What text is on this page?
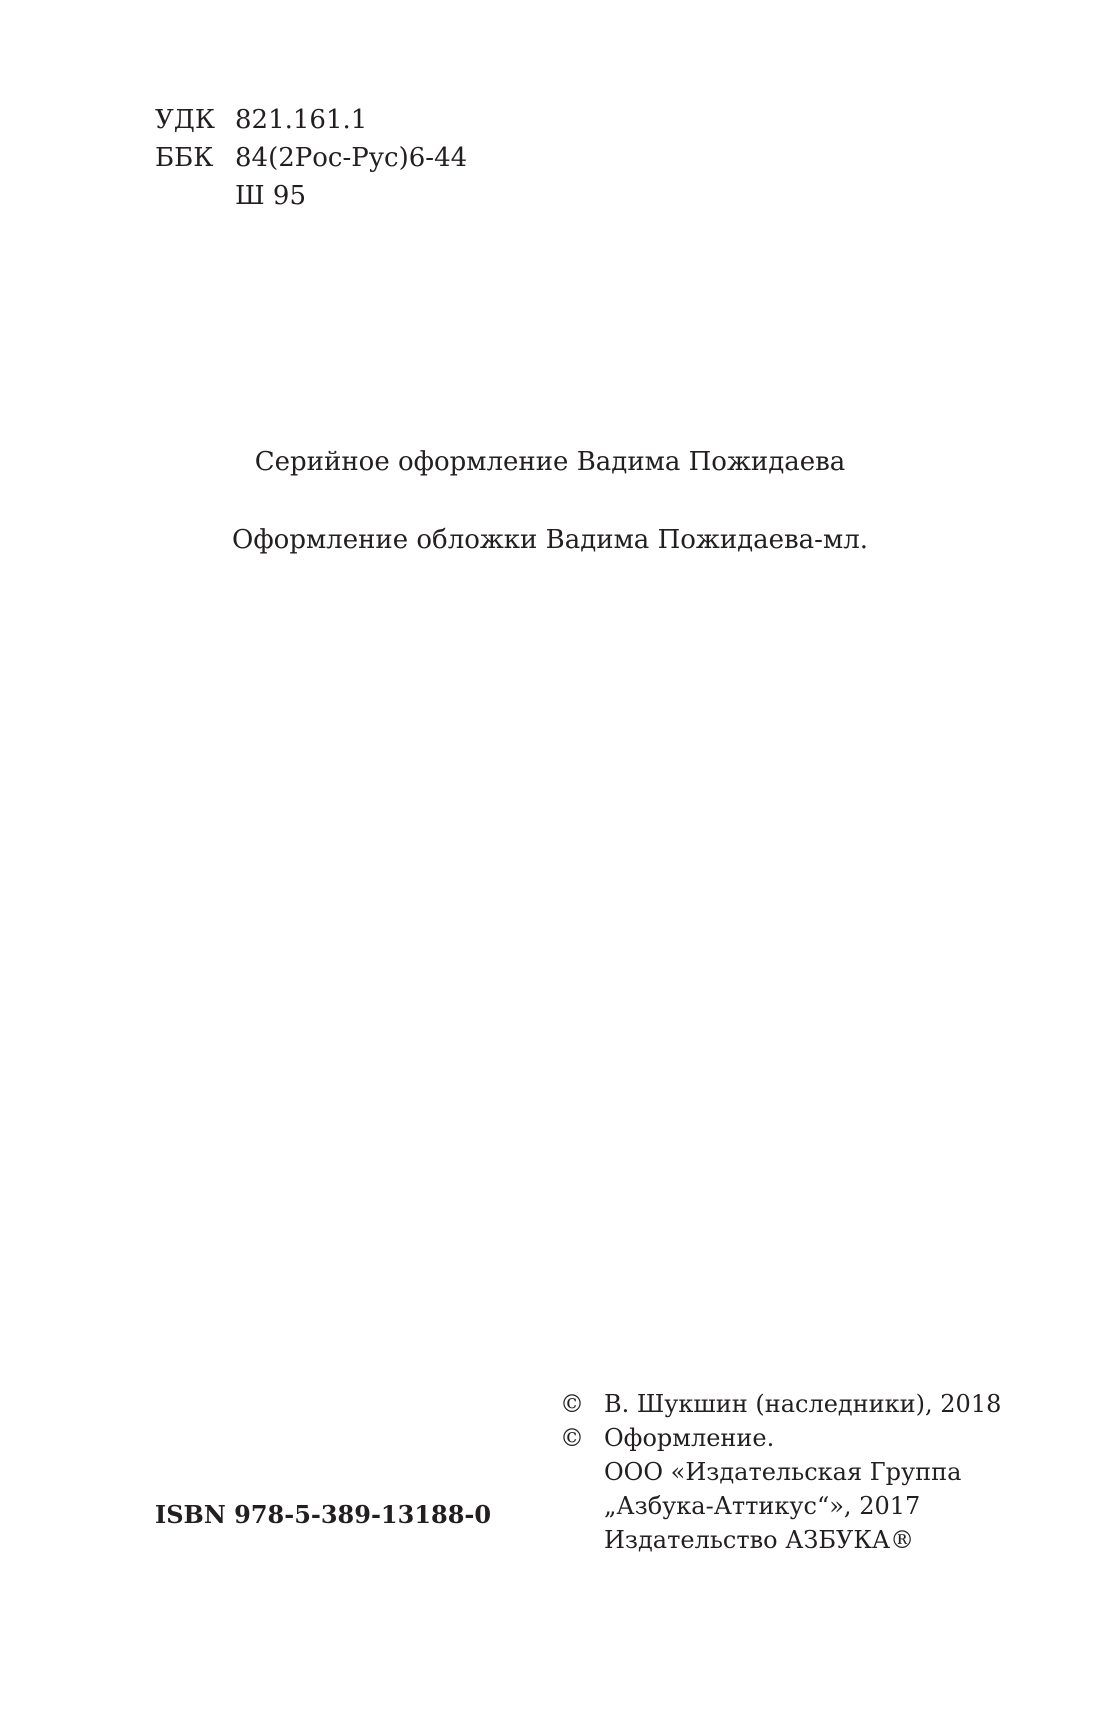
УДК 821.161.1
ББК 84(2Рос-Рус)6-44
Ш 95
Серийное оформление Вадима Пожидаева
Оформление обложки Вадима Пожидаева-мл.
ISBN 978-5-389-13188-0
© В. Шукшин (наследники), 2018
© Оформление.
ООО «Издательская Группа
„Азбука-Аттикус“», 2017
Издательство АЗБУКА®
